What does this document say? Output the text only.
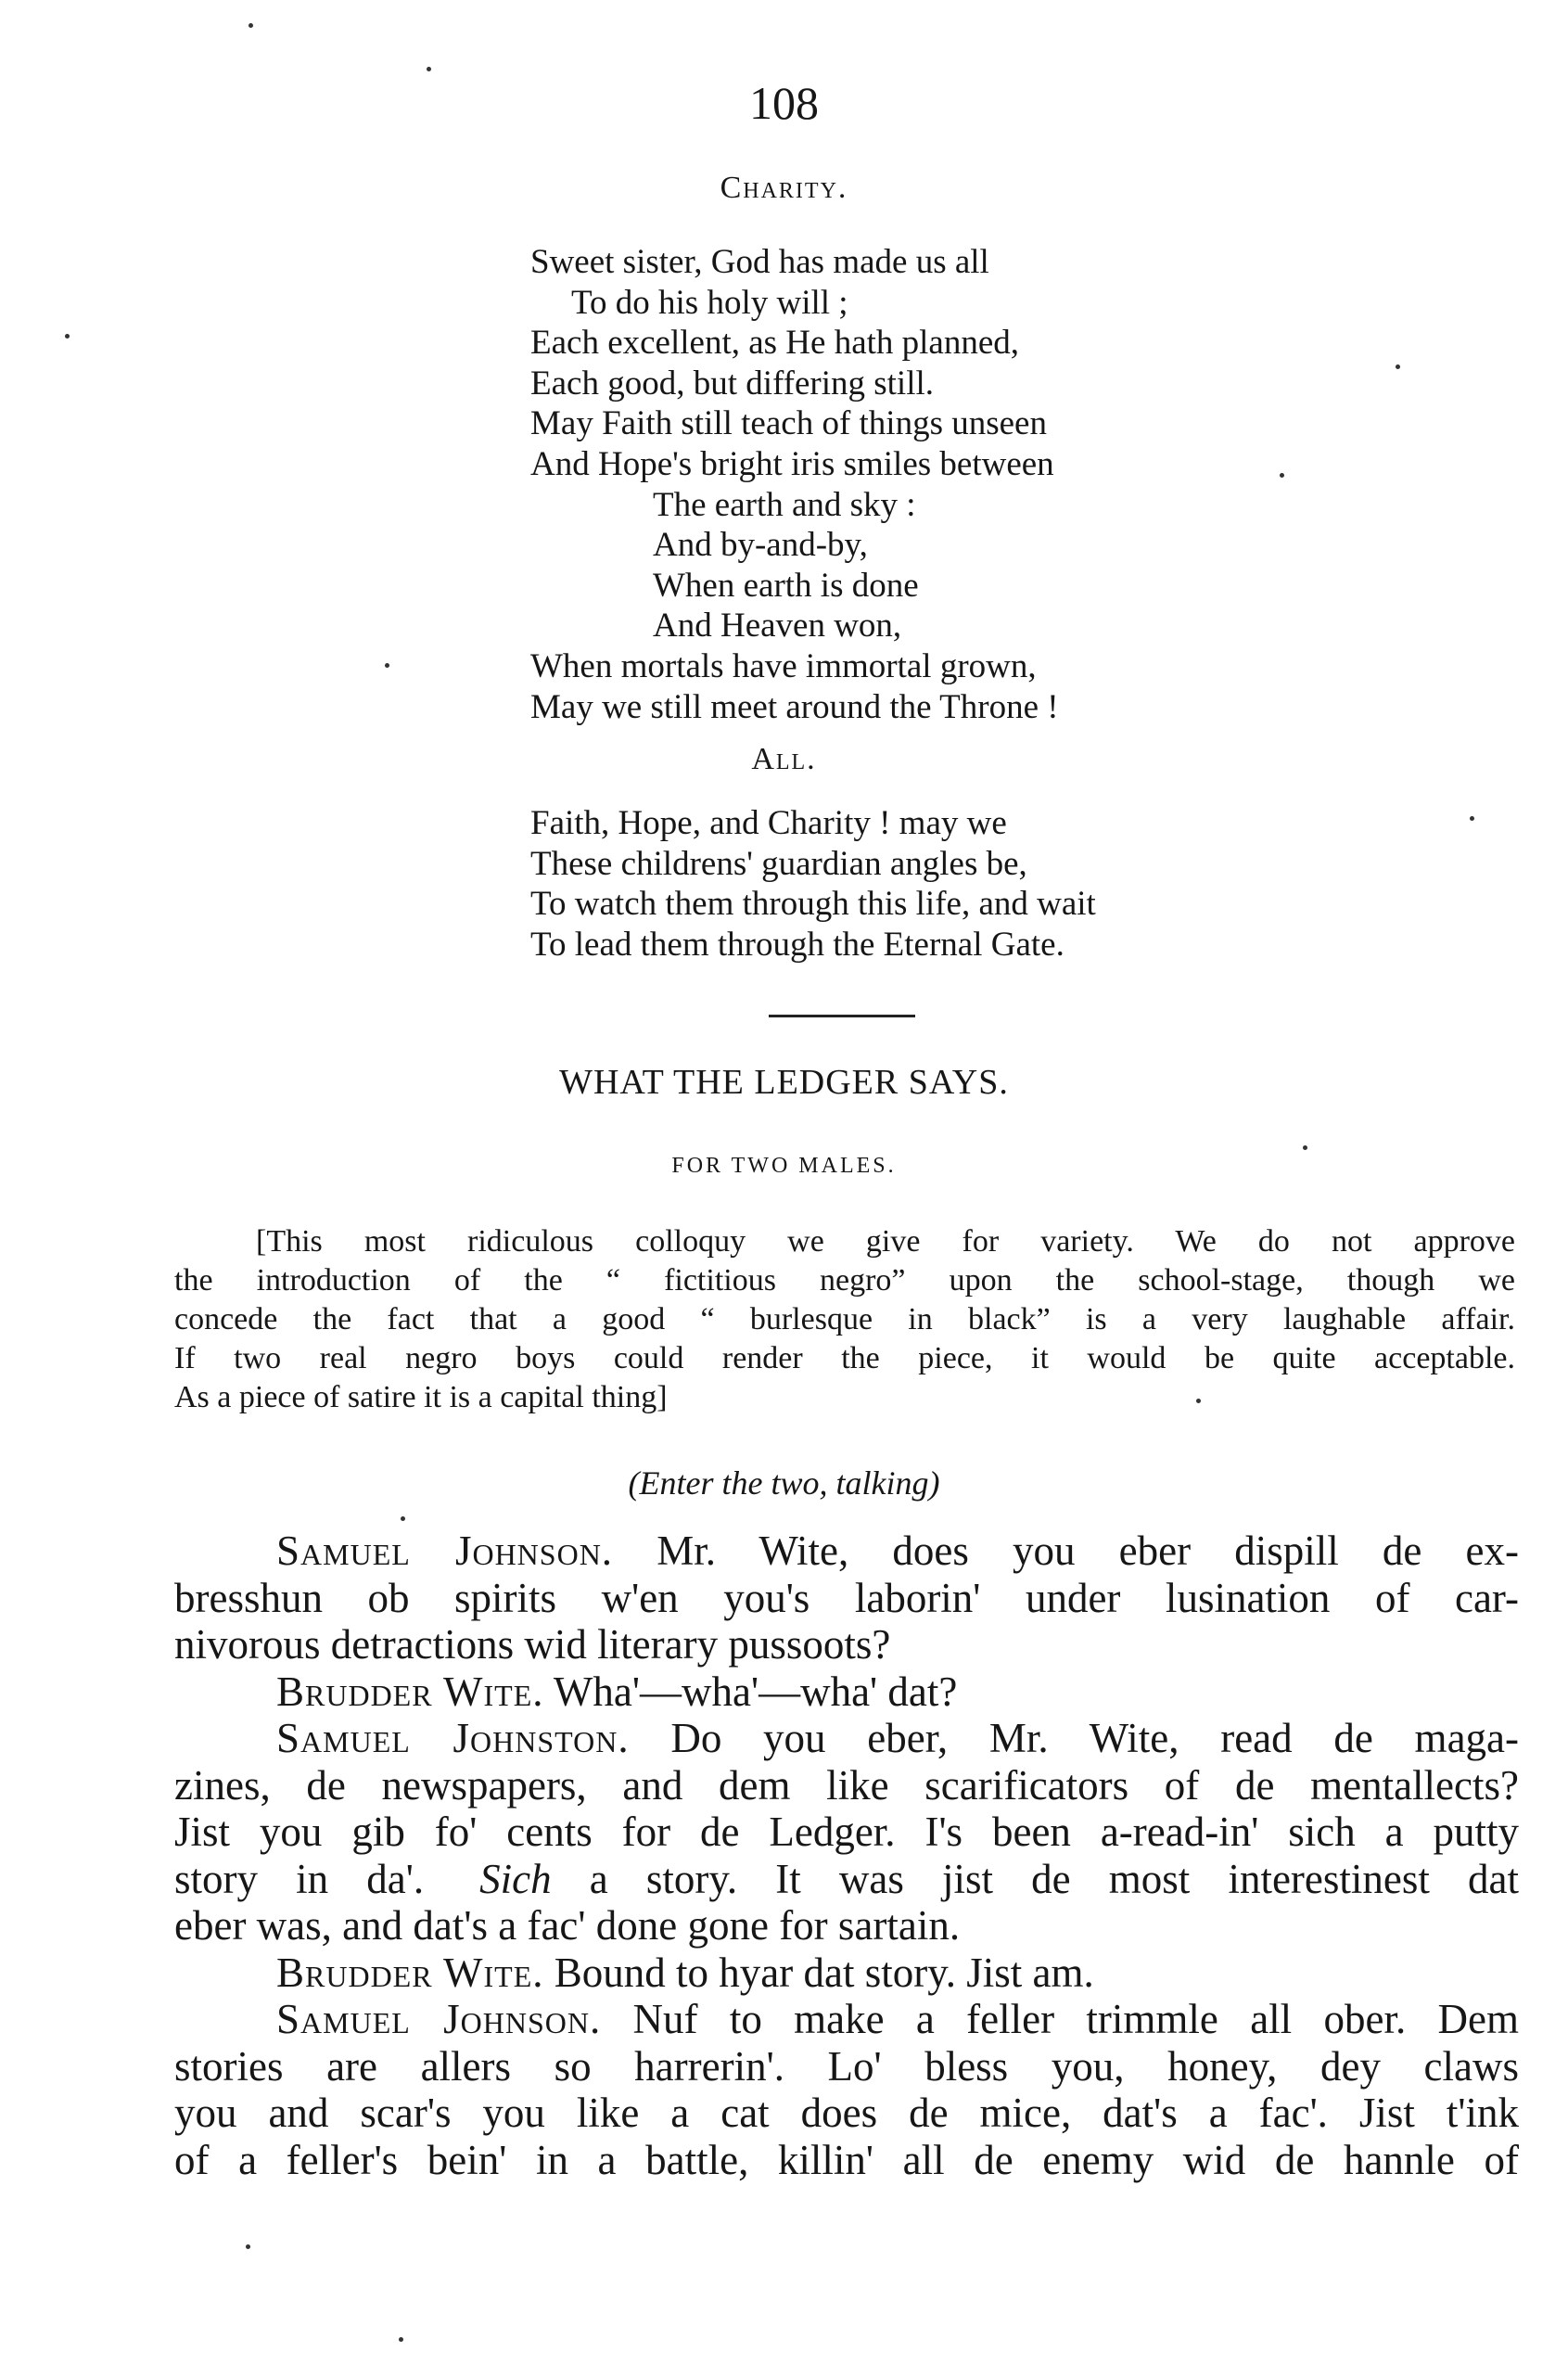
108
Charity.
Sweet sister, God has made us all
To do his holy will ;
Each excellent, as He hath planned,
Each good, but differing still.
May Faith still teach of things unseen
And Hope's bright iris smiles between
The earth and sky :
And by-and-by,
When earth is done
And Heaven won,
When mortals have immortal grown,
May we still meet around the Throne !
All.
Faith, Hope, and Charity ! may we
These childrens' guardian angles be,
To watch them through this life, and wait
To lead them through the Eternal Gate.
WHAT THE LEDGER SAYS.
FOR TWO MALES.
[This most ridiculous colloquy we give for variety. We do not approve
the introduction of the “ fictitious negro” upon the school-stage, though we
concede the fact that a good “ burlesque in black” is a very laughable affair.
If two real negro boys could render the piece, it would be quite acceptable.
As a piece of satire it is a capital thing]
(Enter the two, talking)
Samuel Johnson. Mr. Wite, does you eber dispill de ex-
bresshun ob spirits w'en you's laborin' under lusination of car-
nivorous detractions wid literary pussoots?
Brudder Wite. Wha'—wha'—wha' dat?
Samuel Johnston. Do you eber, Mr. Wite, read de maga-
zines, de newspapers, and dem like scarificators of de mentallects?
Jist you gib fo' cents for de Ledger. I's been a-read-in' sich a putty
story in da'. Sich a story. It was jist de most interestinest dat
eber was, and dat's a fac' done gone for sartain.
Brudder Wite. Bound to hyar dat story. Jist am.
Samuel Johnson. Nuf to make a feller trimmle all ober. Dem
stories are allers so harrerin'. Lo' bless you, honey, dey claws
you and scar's you like a cat does de mice, dat's a fac'. Jist t'ink
of a feller's bein' in a battle, killin' all de enemy wid de hannle of
